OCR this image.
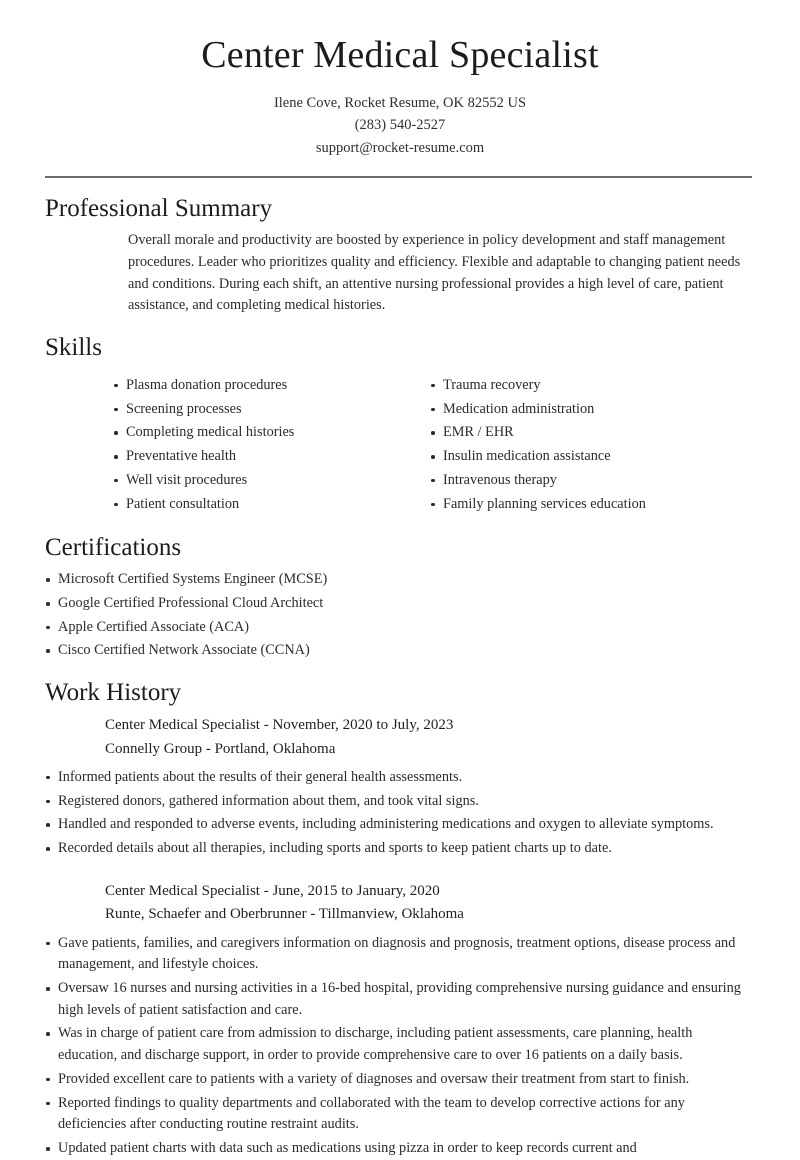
Center Medical Specialist
Ilene Cove, Rocket Resume, OK 82552 US
(283) 540-2527
support@rocket-resume.com
Professional Summary

Overall morale and productivity are boosted by experience in policy development and staff management procedures. Leader who prioritizes quality and efficiency. Flexible and adaptable to changing patient needs and conditions. During each shift, an attentive nursing professional provides a high level of care, patient assistance, and completing medical histories.

Skills
Plasma donation procedures
Screening processes
Completing medical histories
Preventative health
Well visit procedures
Patient consultation
Trauma recovery
Medication administration
EMR / EHR
Insulin medication assistance
Intravenous therapy
Family planning services education
Certifications
Microsoft Certified Systems Engineer (MCSE)
Google Certified Professional Cloud Architect
Apple Certified Associate (ACA)
Cisco Certified Network Associate (CCNA)
Work History
Center Medical Specialist - November, 2020 to July, 2023
Connelly Group - Portland, Oklahoma
Informed patients about the results of their general health assessments.
Registered donors, gathered information about them, and took vital signs.
Handled and responded to adverse events, including administering medications and oxygen to alleviate symptoms.
Recorded details about all therapies, including sports and sports to keep patient charts up to date.
Center Medical Specialist - June, 2015 to January, 2020
Runte, Schaefer and Oberbrunner - Tillmanview, Oklahoma
Gave patients, families, and caregivers information on diagnosis and prognosis, treatment options, disease process and management, and lifestyle choices.
Oversaw 16 nurses and nursing activities in a 16-bed hospital, providing comprehensive nursing guidance and ensuring high levels of patient satisfaction and care.
Was in charge of patient care from admission to discharge, including patient assessments, care planning, health education, and discharge support, in order to provide comprehensive care to over 16 patients on a daily basis.
Provided excellent care to patients with a variety of diagnoses and oversaw their treatment from start to finish.
Reported findings to quality departments and collaborated with the team to develop corrective actions for any deficiencies after conducting routine restraint audits.
Updated patient charts with data such as medications using pizza in order to keep records current and
